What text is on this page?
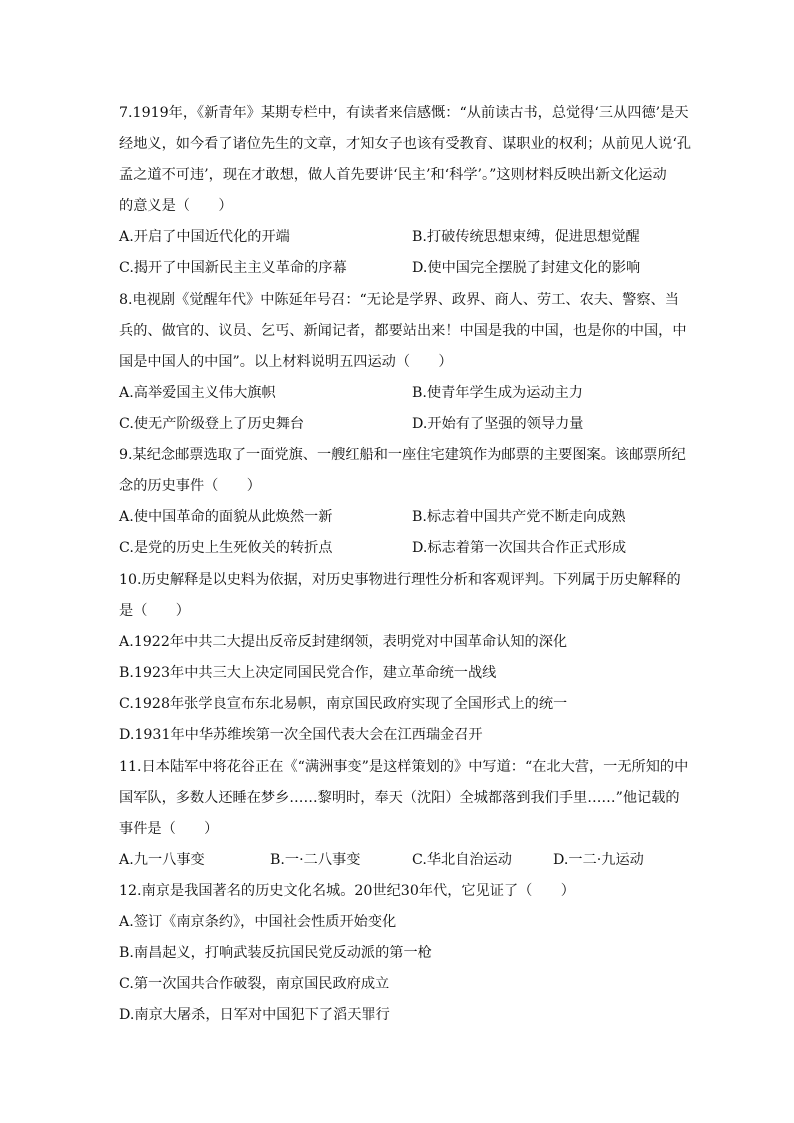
7.1919年，《新青年》某期专栏中，有读者来信感慨：“从前读古书，总觉得‘三从四德’是天
经地义，如今看了诸位先生的文章，才知女子也该有受教育、谋职业的权利；从前见人说‘孔
孟之道不可违’，现在才敢想，做人首先要讲‘民主’和‘科学’。”这则材料反映出新文化运动
的意义是（　　）
A.开启了中国近代化的开端	B.打破传统思想束缚，促进思想觉醒
C.揭开了中国新民主主义革命的序幕	D.使中国完全摆脱了封建文化的影响
8.电视剧《觉醒年代》中陈延年号召：“无论是学界、政界、商人、劳工、农夫、警察、当
兵的、做官的、议员、乞丐、新闻记者，都要站出来！中国是我的中国，也是你的中国，中
国是中国人的中国”。以上材料说明五四运动（　　）
A.高举爱国主义伟大旗帜	B.使青年学生成为运动主力
C.使无产阶级登上了历史舞台	D.开始有了坚强的领导力量
9.某纪念邮票选取了一面党旗、一艘红船和一座住宅建筑作为邮票的主要图案。该邮票所纪
念的历史事件（　　）
A.使中国革命的面貌从此焕然一新	B.标志着中国共产党不断走向成熟
C.是党的历史上生死攸关的转折点	D.标志着第一次国共合作正式形成
10.历史解释是以史料为依据，对历史事物进行理性分析和客观评判。下列属于历史解释的
是（　　）
A.1922年中共二大提出反帝反封建纲领，表明党对中国革命认知的深化
B.1923年中共三大上决定同国民党合作，建立革命统一战线
C.1928年张学良宣布东北易帜，南京国民政府实现了全国形式上的统一
D.1931年中华苏维埃第一次全国代表大会在江西瑞金召开
11.日本陆军中将花谷正在《“满洲事变”是这样策划的》中写道：“在北大营，一无所知的中
国军队，多数人还睡在梦乡……黎明时，奉天（沈阳）全城都落到我们手里……”他记载的
事件是（　　）
A.九一八事变	B.一·二八事变	C.华北自治运动	D.一二·九运动
12.南京是我国著名的历史文化名城。20世纪30年代，它见证了（　　）
A.签订《南京条约》，中国社会性质开始变化
B.南昌起义，打响武装反抗国民党反动派的第一枪
C.第一次国共合作破裂，南京国民政府成立
D.南京大屠杀，日军对中国犯下了滔天罪行
